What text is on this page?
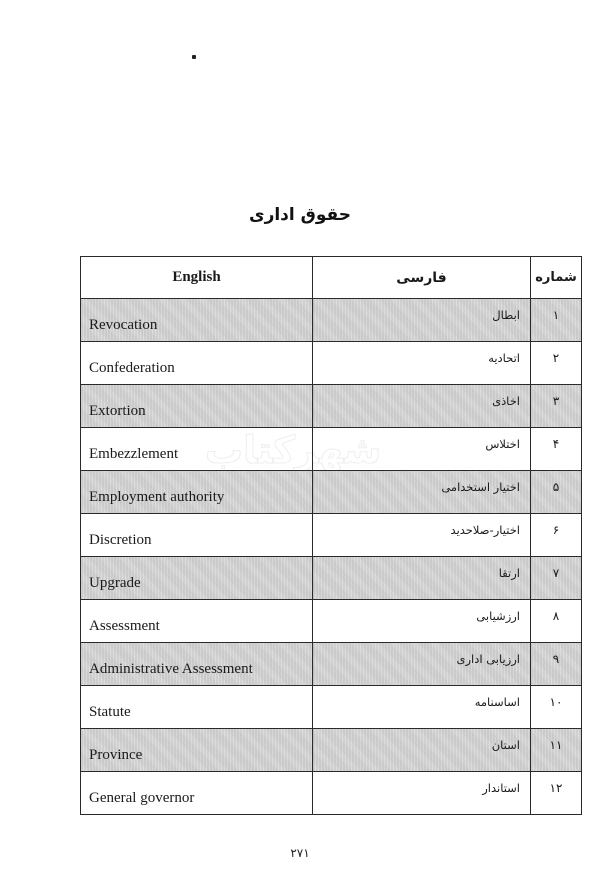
حقوق اداری
شهرکتاب
English	فارسی	شماره
Revocation	ابطال	۱
Confederation	اتحادیه	۲
Extortion	اخاذی	۳
Embezzlement	اختلاس	۴
Employment authority	اختیار استخدامی	۵
Discretion	اختیار-صلاحدید	۶
Upgrade	ارتقا	۷
Assessment	ارزشیابی	۸
Administrative Assessment	ارزیابی اداری	۹
Statute	اساسنامه	۱۰
Province	استان	۱۱
General governor	استاندار	۱۲
۲۷۱
